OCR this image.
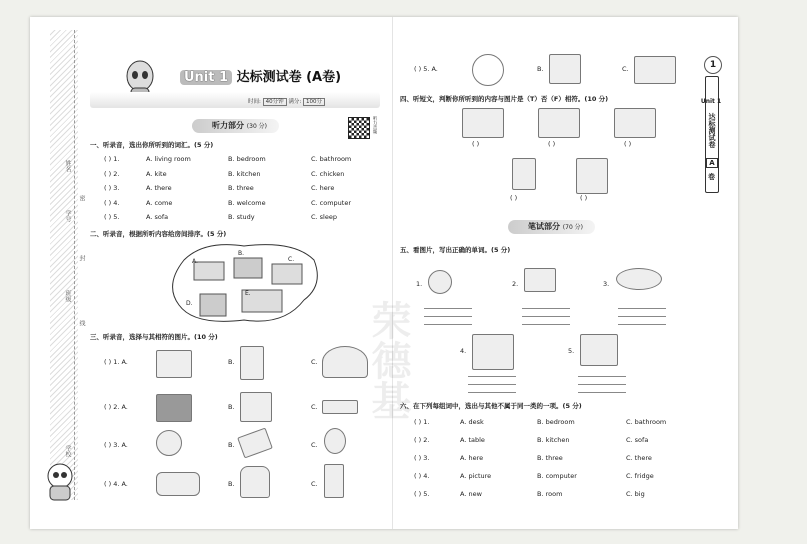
姓名
学号
密
封
班级
线
学校
Unit 1 达标测试卷 (A卷)
时间: 40分钟 满分: 100分
听力部分 (30 分)	听力音频
一、听录音，选出你所听到的词汇。(5 分)
( ) 1.	A. living room	B. bedroom	C. bathroom
( ) 2.	A. kite	B. kitchen	C. chicken
( ) 3.	A. there	B. three	C. here
( ) 4.	A. come	B. welcome	C. computer
( ) 5.	A. sofa	B. study	C. sleep
二、听录音，根据所听内容给房间排序。(5 分)
A.
B.
C.
D.
E.
三、听录音，选择与其相符的图片。(10 分)
( ) 1. A.	B.	C.
( ) 2. A.	B.	C.
( ) 3. A.	B.	C.
( ) 4. A.	B.	C.
荣德基
( ) 5. A.	B.	C.
四、听短文，判断你所听到的内容与图片是（T）否（F）相符。(10 分)
( )	( )	( )
( )	( )
笔试部分 (70 分)
五、看图片，写出正确的单词。(5 分)
1.	2.	3.
4.	5.
六、在下列每组词中，选出与其他不属于同一类的一项。(5 分)
( ) 1.	A. desk	B. bedroom	C. bathroom
( ) 2.	A. table	B. kitchen	C. sofa
( ) 3.	A. here	B. three	C. there
( ) 4.	A. picture	B. computer	C. fridge
( ) 5.	A. new	B. room	C. big
1
Unit 1
达标测试卷
A
卷
